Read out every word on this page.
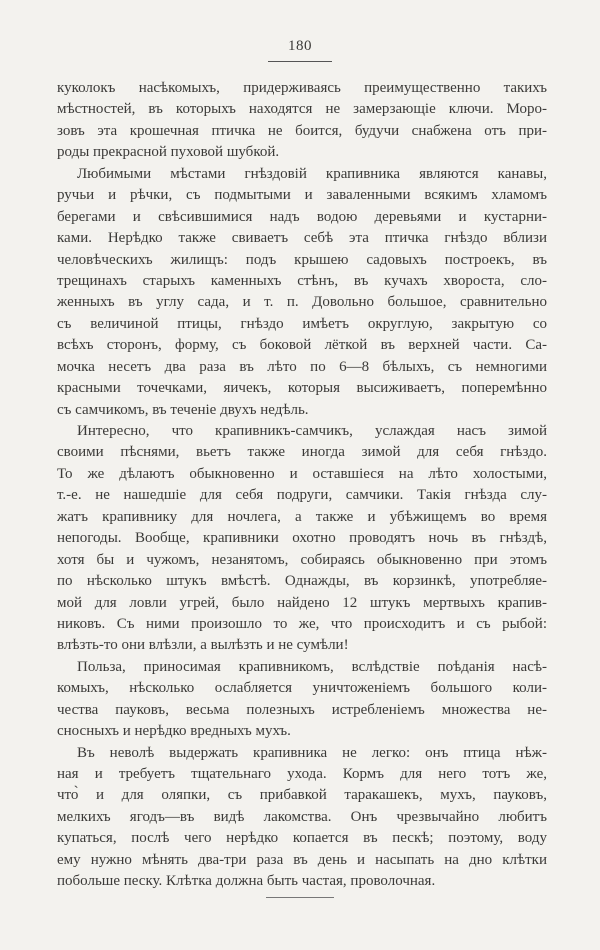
180
куколокъ насѣкомыхъ, придерживаясь преимущественно такихъ
мѣстностей, въ которыхъ находятся не замерзающіе ключи. Моро-
зовъ эта крошечная птичка не боится, будучи снабжена отъ при-
роды прекрасной пуховой шубкой.
Любимыми мѣстами гнѣздовій крапивника являются канавы,
ручьи и рѣчки, съ подмытыми и заваленными всякимъ хламомъ
берегами и свѣсившимися надъ водою деревьями и кустарни-
ками. Нерѣдко также свиваетъ себѣ эта птичка гнѣздо вблизи
человѣческихъ жилищъ: подъ крышею садовыхъ построекъ, въ
трещинахъ старыхъ каменныхъ стѣнъ, въ кучахъ хвороста, сло-
женныхъ въ углу сада, и т. п. Довольно большое, сравнительно
съ величиной птицы, гнѣздо имѣетъ округлую, закрытую со
всѣхъ сторонъ, форму, съ боковой лёткой въ верхней части. Са-
мочка несетъ два раза въ лѣто по 6—8 бѣлыхъ, съ немногими
красными точечками, яичекъ, которыя высиживаетъ, поперемѣнно
съ самчикомъ, въ теченіе двухъ недѣль.
Интересно, что крапивникъ-самчикъ, услаждая насъ зимой
своими пѣснями, вьетъ также иногда зимой для себя гнѣздо.
То же дѣлаютъ обыкновенно и оставшіеся на лѣто холостыми,
т.-е. не нашедшіе для себя подруги, самчики. Такія гнѣзда слу-
жатъ крапивнику для ночлега, а также и убѣжищемъ во время
непогоды. Вообще, крапивники охотно проводятъ ночь въ гнѣздѣ,
хотя бы и чужомъ, незанятомъ, собираясь обыкновенно при этомъ
по нѣсколько штукъ вмѣстѣ. Однажды, въ корзинкѣ, употребляе-
мой для ловли угрей, было найдено 12 штукъ мертвыхъ крапив-
никовъ. Съ ними произошло то же, что происходитъ и съ рыбой:
влѣзть-то они влѣзли, а вылѣзть и не сумѣли!
Польза, приносимая крапивникомъ, вслѣдствіе поѣданія насѣ-
комыхъ, нѣсколько ослабляется уничтоженіемъ большого коли-
чества пауковъ, весьма полезныхъ истребленіемъ множества не-
сносныхъ и нерѣдко вредныхъ мухъ.
Въ неволѣ выдержать крапивника не легко: онъ птица нѣж-
ная и требуетъ тщательнаго ухода. Кормъ для него тотъ же,
что̀ и для оляпки, съ прибавкой таракашекъ, мухъ, пауковъ,
мелкихъ ягодъ—въ видѣ лакомства. Онъ чрезвычайно любитъ
купаться, послѣ чего нерѣдко копается въ пескѣ; поэтому, воду
ему нужно мѣнять два-три раза въ день и насыпать на дно клѣтки
побольше песку. Клѣтка должна быть частая, проволочная.
